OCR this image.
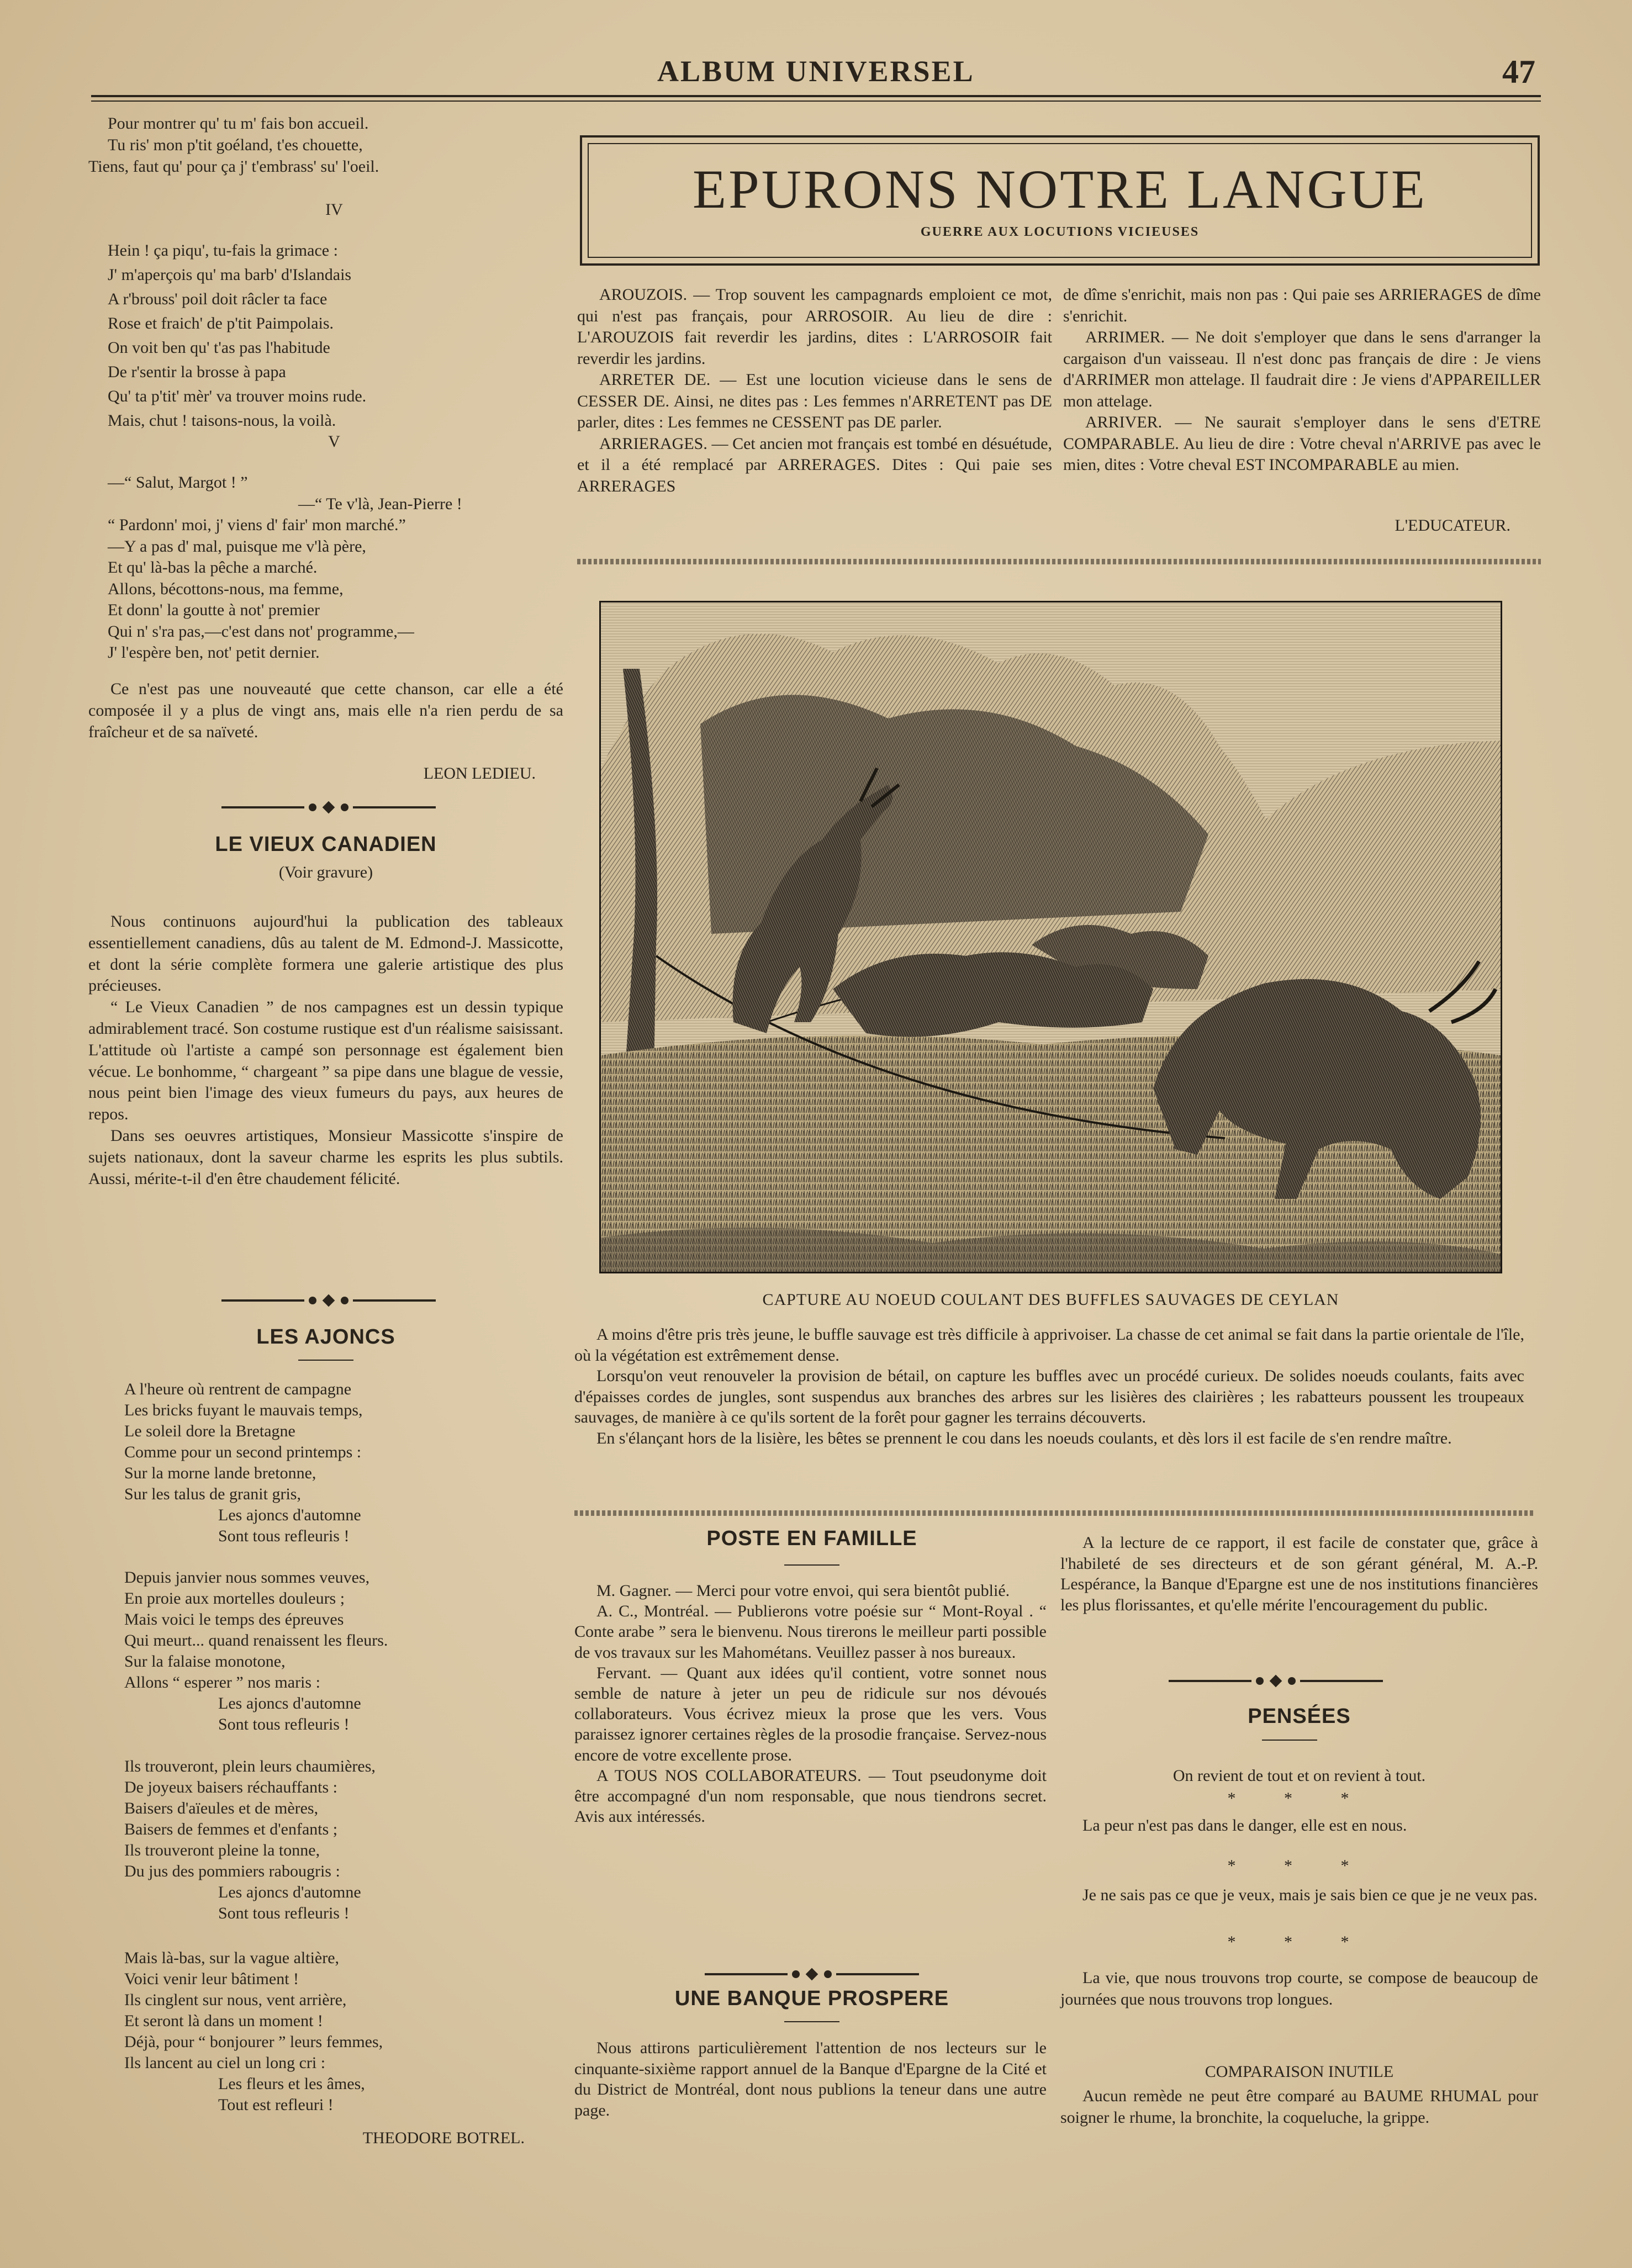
ALBUM UNIVERSEL	47

Pour montrer qu' tu m' fais bon accueil.

Tu ris' mon p'tit goéland, t'es chouette,

Tiens, faut qu' pour ça j' t'embrass' su' l'oeil.

IV

Hein ! ça piqu', tu-fais la grimace :

J' m'aperçois qu' ma barb' d'Islandais

A r'brouss' poil doit râcler ta face

Rose et fraich' de p'tit Paimpolais.

On voit ben qu' t'as pas l'habitude

De r'sentir la brosse à papa

Qu' ta p'tit' mèr' va trouver moins rude.

Mais, chut ! taisons-nous, la voilà.

V

—“ Salut, Margot ! ”

—“ Te v'là, Jean-Pierre !

“ Pardonn' moi, j' viens d' fair' mon marché.”

—Y a pas d' mal, puisque me v'là père,

Et qu' là-bas la pêche a marché.

Allons, bécottons-nous, ma femme,

Et donn' la goutte à not' premier

Qui n' s'ra pas,—c'est dans not' programme,—

J' l'espère ben, not' petit dernier.

Ce n'est pas une nouveauté que cette chanson, car elle a été composée il y a plus de vingt ans, mais elle n'a rien perdu de sa fraîcheur et de sa naïveté.

LEON LEDIEU.
LE VIEUX CANADIEN
(Voir gravure)

Nous continuons aujourd'hui la publication des tableaux essentiellement canadiens, dûs au talent de M. Edmond-J. Massicotte, et dont la série complète formera une galerie artistique des plus précieuses.

“ Le Vieux Canadien ” de nos campagnes est un dessin typique admirablement tracé. Son costume rustique est d'un réalisme saisissant. L'attitude où l'artiste a campé son personnage est également bien vécue. Le bonhomme, “ chargeant ” sa pipe dans une blague de vessie, nous peint bien l'image des vieux fumeurs du pays, aux heures de repos.

Dans ses oeuvres artistiques, Monsieur Massicotte s'inspire de sujets nationaux, dont la saveur charme les esprits les plus subtils. Aussi, mérite-t-il d'en être chaudement félicité.

LES AJONCS

A l'heure où rentrent de campagne

Les bricks fuyant le mauvais temps,

Le soleil dore la Bretagne

Comme pour un second printemps :

Sur la morne lande bretonne,

Sur les talus de granit gris,

Les ajoncs d'automne

Sont tous refleuris !

Depuis janvier nous sommes veuves,

En proie aux mortelles douleurs ;

Mais voici le temps des épreuves

Qui meurt... quand renaissent les fleurs.

Sur la falaise monotone,

Allons “ esperer ” nos maris :

Les ajoncs d'automne

Sont tous refleuris !

Ils trouveront, plein leurs chaumières,

De joyeux baisers réchauffants :

Baisers d'aïeules et de mères,

Baisers de femmes et d'enfants ;

Ils trouveront pleine la tonne,

Du jus des pommiers rabougris :

Les ajoncs d'automne

Sont tous refleuris !

Mais là-bas, sur la vague altière,

Voici venir leur bâtiment !

Ils cinglent sur nous, vent arrière,

Et seront là dans un moment !

Déjà, pour “ bonjourer ” leurs femmes,

Ils lancent au ciel un long cri :

Les fleurs et les âmes,

Tout est refleuri !

THEODORE BOTREL.
EPURONS NOTRE LANGUE
GUERRE AUX LOCUTIONS VICIEUSES

AROUZOIS. — Trop souvent les campagnards emploient ce mot, qui n'est pas français, pour ARROSOIR. Au lieu de dire : L'AROUZOIS fait reverdir les jardins, dites : L'ARROSOIR fait reverdir les jardins.

ARRETER DE. — Est une locution vicieuse dans le sens de CESSER DE. Ainsi, ne dites pas : Les femmes n'ARRETENT pas DE parler, dites : Les femmes ne CESSENT pas DE parler.

ARRIERAGES. — Cet ancien mot français est tombé en désuétude, et il a été remplacé par ARRERAGES. Dites : Qui paie ses ARRERAGES

de dîme s'enrichit, mais non pas : Qui paie ses ARRIERAGES de dîme s'enrichit.

ARRIMER. — Ne doit s'employer que dans le sens d'arranger la cargaison d'un vaisseau. Il n'est donc pas français de dire : Je viens d'ARRIMER mon attelage. Il faudrait dire : Je viens d'APPAREILLER mon attelage.

ARRIVER. — Ne saurait s'employer dans le sens d'ETRE COMPARABLE. Au lieu de dire : Votre cheval n'ARRIVE pas avec le mien, dites : Votre cheval EST INCOMPARABLE au mien.

L'EDUCATEUR.
CAPTURE AU NOEUD COULANT DES BUFFLES SAUVAGES DE CEYLAN

A moins d'être pris très jeune, le buffle sauvage est très difficile à apprivoiser. La chasse de cet animal se fait dans la partie orientale de l'île, où la végétation est extrêmement dense.

Lorsqu'on veut renouveler la provision de bétail, on capture les buffles avec un procédé curieux. De solides noeuds coulants, faits avec d'épaisses cordes de jungles, sont suspendus aux branches des arbres sur les lisières des clairières ; les rabatteurs poussent les troupeaux sauvages, de manière à ce qu'ils sortent de la forêt pour gagner les terrains découverts.

En s'élançant hors de la lisière, les bêtes se prennent le cou dans les noeuds coulants, et dès lors il est facile de s'en rendre maître.

POSTE EN FAMILLE

M. Gagner. — Merci pour votre envoi, qui sera bientôt publié.

A. C., Montréal. — Publierons votre poésie sur “ Mont-Royal . “ Conte arabe ” sera le bienvenu. Nous tirerons le meilleur parti possible de vos travaux sur les Mahométans. Veuillez passer à nos bureaux.

Fervant. — Quant aux idées qu'il contient, votre sonnet nous semble de nature à jeter un peu de ridicule sur nos dévoués collaborateurs. Vous écrivez mieux la prose que les vers. Vous paraissez ignorer certaines règles de la prosodie française. Servez-nous encore de votre excellente prose.

A TOUS NOS COLLABORATEURS. — Tout pseudonyme doit être accompagné d'un nom responsable, que nous tiendrons secret. Avis aux intéressés.

UNE BANQUE PROSPERE

Nous attirons particulièrement l'attention de nos lecteurs sur le cinquante-sixième rapport annuel de la Banque d'Epargne de la Cité et du District de Montréal, dont nous publions la teneur dans une autre page.

A la lecture de ce rapport, il est facile de constater que, grâce à l'habileté de ses directeurs et de son gérant général, M. A.-P. Lespérance, la Banque d'Epargne est une de nos institutions financières les plus florissantes, et qu'elle mérite l'encouragement du public.

PENSÉES
On revient de tout et on revient à tout.
* * *

La peur n'est pas dans le danger, elle est en nous.

* * *

Je ne sais pas ce que je veux, mais je sais bien ce que je ne veux pas.

* * *

La vie, que nous trouvons trop courte, se compose de beaucoup de journées que nous trouvons trop longues.

COMPARAISON INUTILE

Aucun remède ne peut être comparé au BAUME RHUMAL pour soigner le rhume, la bronchite, la coqueluche, la grippe.
